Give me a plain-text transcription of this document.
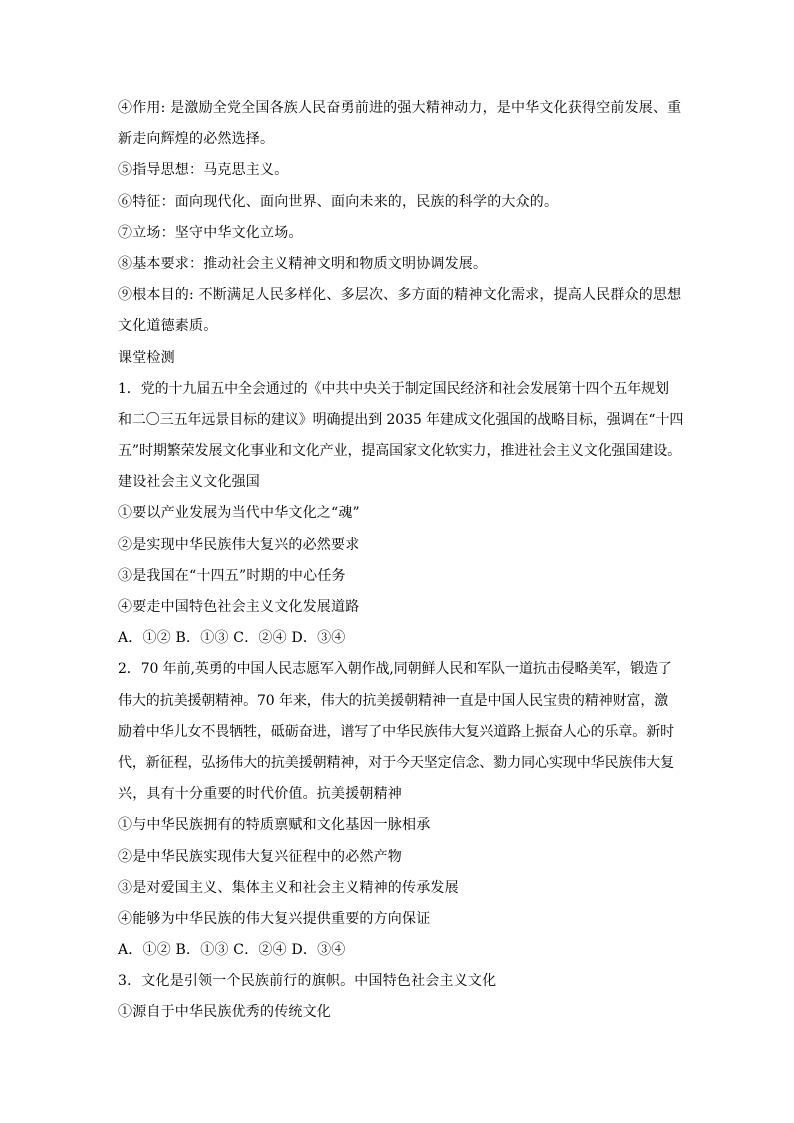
④作用: 是激励全党全国各族人民奋勇前进的强大精神动力，是中华文化获得空前发展、重
新走向辉煌的必然选择。
⑤指导思想：马克思主义。
⑥特征：面向现代化、面向世界、面向未来的，民族的科学的大众的。
⑦立场：坚守中华文化立场。
⑧基本要求：推动社会主义精神文明和物质文明协调发展。
⑨根本目的: 不断满足人民多样化、多层次、多方面的精神文化需求，提高人民群众的思想
文化道德素质。
课堂检测
1．党的十九届五中全会通过的《中共中央关于制定国民经济和社会发展第十四个五年规划
和二〇三五年远景目标的建议》明确提出到 2035 年建成文化强国的战略目标，强调在“十四
五”时期繁荣发展文化事业和文化产业，提高国家文化软实力，推进社会主义文化强国建设。
建设社会主义文化强国
①要以产业发展为当代中华文化之“魂”
②是实现中华民族伟大复兴的必然要求
③是我国在“十四五”时期的中心任务
④要走中国特色社会主义文化发展道路
A．①② B．①③ C．②④ D．③④
2．70 年前,英勇的中国人民志愿军入朝作战,同朝鲜人民和军队一道抗击侵略美军，锻造了
伟大的抗美援朝精神。70 年来，伟大的抗美援朝精神一直是中国人民宝贵的精神财富，激
励着中华儿女不畏牺牲，砥砺奋进，谱写了中华民族伟大复兴道路上振奋人心的乐章。新时
代，新征程，弘扬伟大的抗美援朝精神，对于今天坚定信念、勠力同心实现中华民族伟大复
兴，具有十分重要的时代价值。抗美援朝精神
①与中华民族拥有的特质禀赋和文化基因一脉相承
②是中华民族实现伟大复兴征程中的必然产物
③是对爱国主义、集体主义和社会主义精神的传承发展
④能够为中华民族的伟大复兴提供重要的方向保证
A．①② B．①③ C．②④ D．③④
3．文化是引领一个民族前行的旗帜。中国特色社会主义文化
①源自于中华民族优秀的传统文化
